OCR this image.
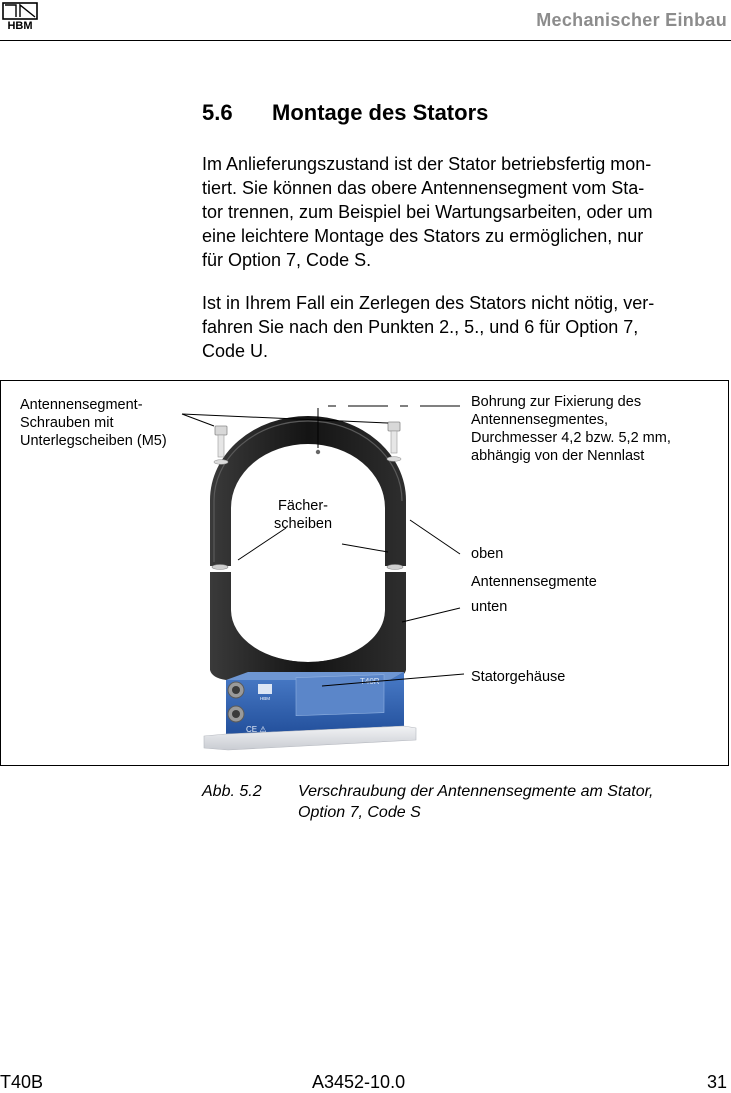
HBM	Mechanischer Einbau
5.6 Montage des Stators
Im Anlieferungszustand ist der Stator betriebsfertig mon-
tiert. Sie können das obere Antennensegment vom Sta-
tor trennen, zum Beispiel bei Wartungsarbeiten, oder um
eine leichtere Montage des Stators zu ermöglichen, nur
für Option 7, Code S.
Ist in Ihrem Fall ein Zerlegen des Stators nicht nötig, ver-
fahren Sie nach den Punkten 2., 5., und 6 für Option 7,
Code U.
T40R
HBM
CE ⚠
Antennensegment-
Schrauben mit
Unterlegscheiben (M5)
Bohrung zur Fixierung des
Antennensegmentes,
Durchmesser 4,2 bzw. 5,2 mm,
abhängig von der Nennlast
Fächer-
scheiben
oben
Antennensegmente
unten
Statorgehäuse
Abb. 5.2 Verschraubung der Antennensegmente am Stator,
Option 7, Code S
T40B	A3452-10.0	31
